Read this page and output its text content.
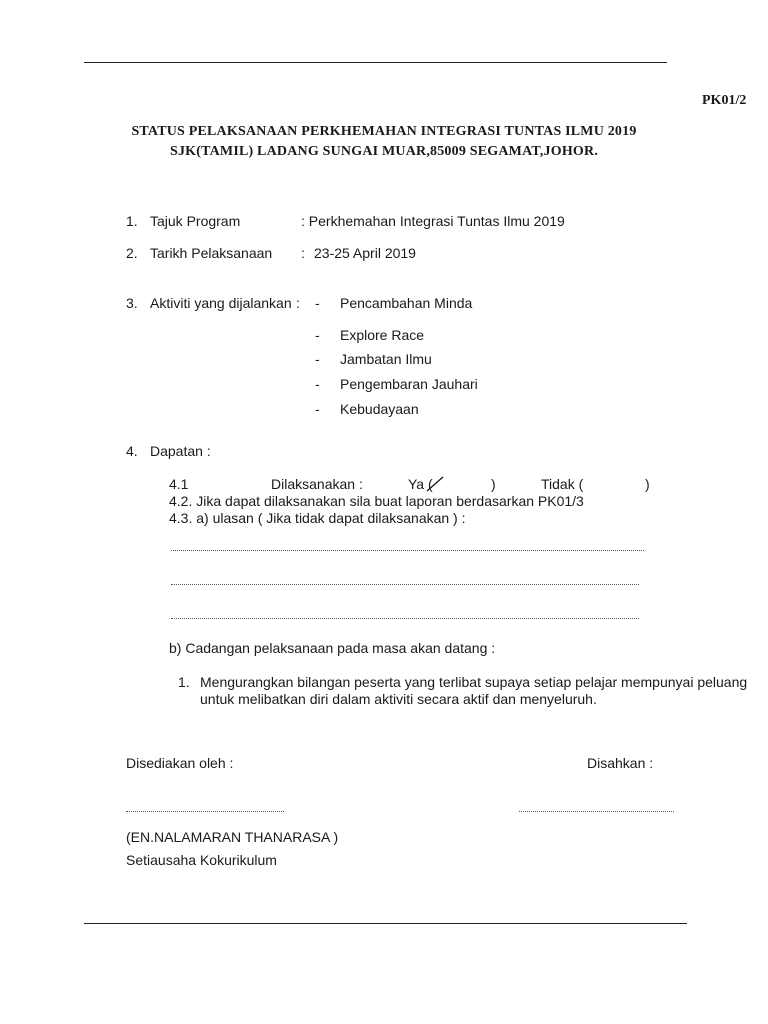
PK01/2
STATUS PELAKSANAAN PERKHEMAHAN INTEGRASI TUNTAS ILMU 2019
SJK(TAMIL) LADANG SUNGAI MUAR,85009 SEGAMAT,JOHOR.
1. Tajuk Program	: Perkhemahan Integrasi Tuntas Ilmu 2019
2. Tarikh Pelaksanaan : 23-25 April 2019
3. Aktiviti yang dijalankan : - Pencambahan Minda
- Explore Race
- Jambatan Ilmu
- Pengembaran Jauhari
- Kebudayaan
4. Dapatan :
4.1	Dilaksanakan :	Ya (	)	Tidak (	)
4.2. Jika dapat dilaksanakan sila buat laporan berdasarkan PK01/3
4.3. a) ulasan ( Jika tidak dapat dilaksanakan ) :
b) Cadangan pelaksanaan pada masa akan datang :
1. Mengurangkan bilangan peserta yang terlibat supaya setiap pelajar mempunyai peluang
untuk melibatkan diri dalam aktiviti secara aktif dan menyeluruh.
Disediakan oleh :	Disahkan :
(EN.NALAMARAN THANARASA )
Setiausaha Kokurikulum
